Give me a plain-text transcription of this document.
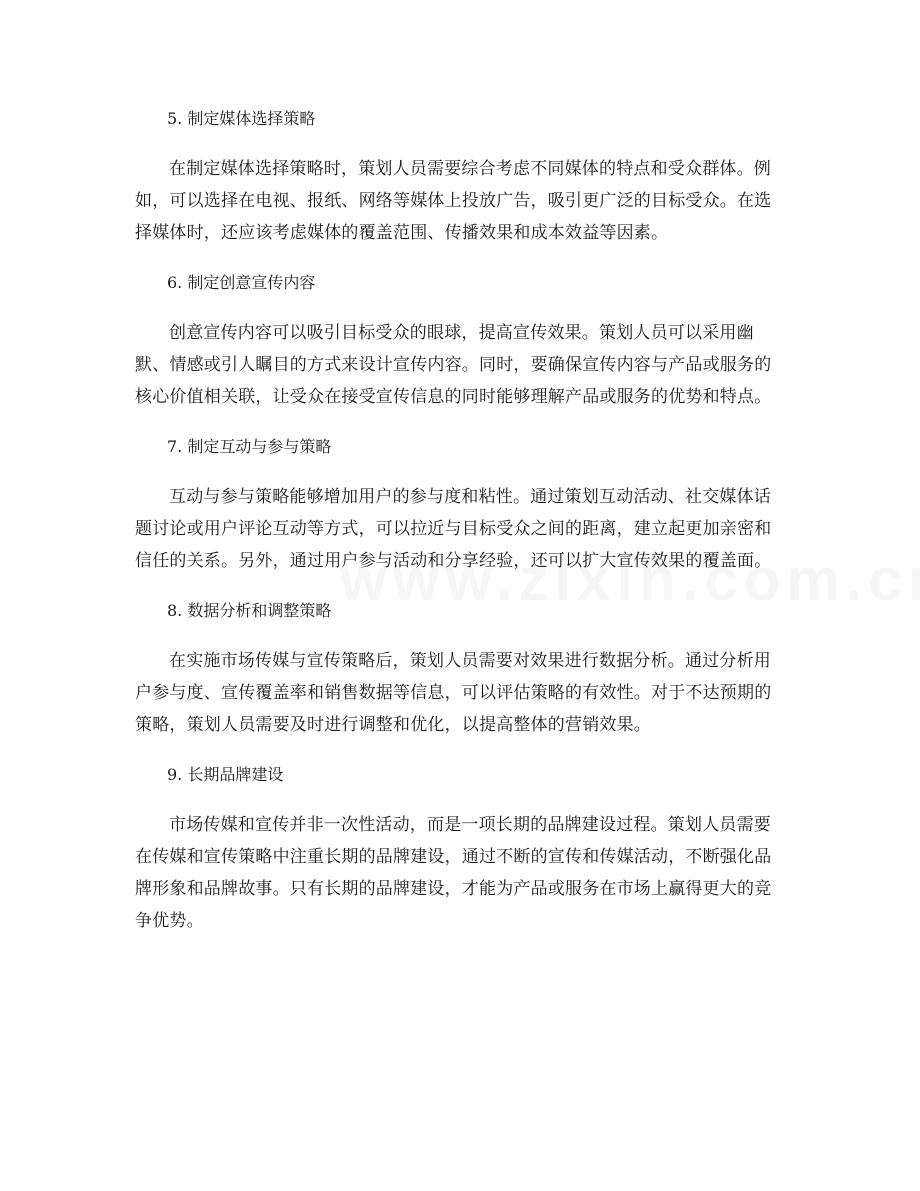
5. 制定媒体选择策略

在制定媒体选择策略时，策划人员需要综合考虑不同媒体的特点和受众群体。例如，可以选择在电视、报纸、网络等媒体上投放广告，吸引更广泛的目标受众。在选择媒体时，还应该考虑媒体的覆盖范围、传播效果和成本效益等因素。

6. 制定创意宣传内容

创意宣传内容可以吸引目标受众的眼球，提高宣传效果。策划人员可以采用幽默、情感或引人瞩目的方式来设计宣传内容。同时，要确保宣传内容与产品或服务的核心价值相关联，让受众在接受宣传信息的同时能够理解产品或服务的优势和特点。

7. 制定互动与参与策略

互动与参与策略能够增加用户的参与度和粘性。通过策划互动活动、社交媒体话题讨论或用户评论互动等方式，可以拉近与目标受众之间的距离，建立起更加亲密和信任的关系。另外，通过用户参与活动和分享经验，还可以扩大宣传效果的覆盖面。

8. 数据分析和调整策略

在实施市场传媒与宣传策略后，策划人员需要对效果进行数据分析。通过分析用户参与度、宣传覆盖率和销售数据等信息，可以评估策略的有效性。对于不达预期的策略，策划人员需要及时进行调整和优化，以提高整体的营销效果。

9. 长期品牌建设

市场传媒和宣传并非一次性活动，而是一项长期的品牌建设过程。策划人员需要在传媒和宣传策略中注重长期的品牌建设，通过不断的宣传和传媒活动，不断强化品牌形象和品牌故事。只有长期的品牌建设，才能为产品或服务在市场上赢得更大的竞争优势。
